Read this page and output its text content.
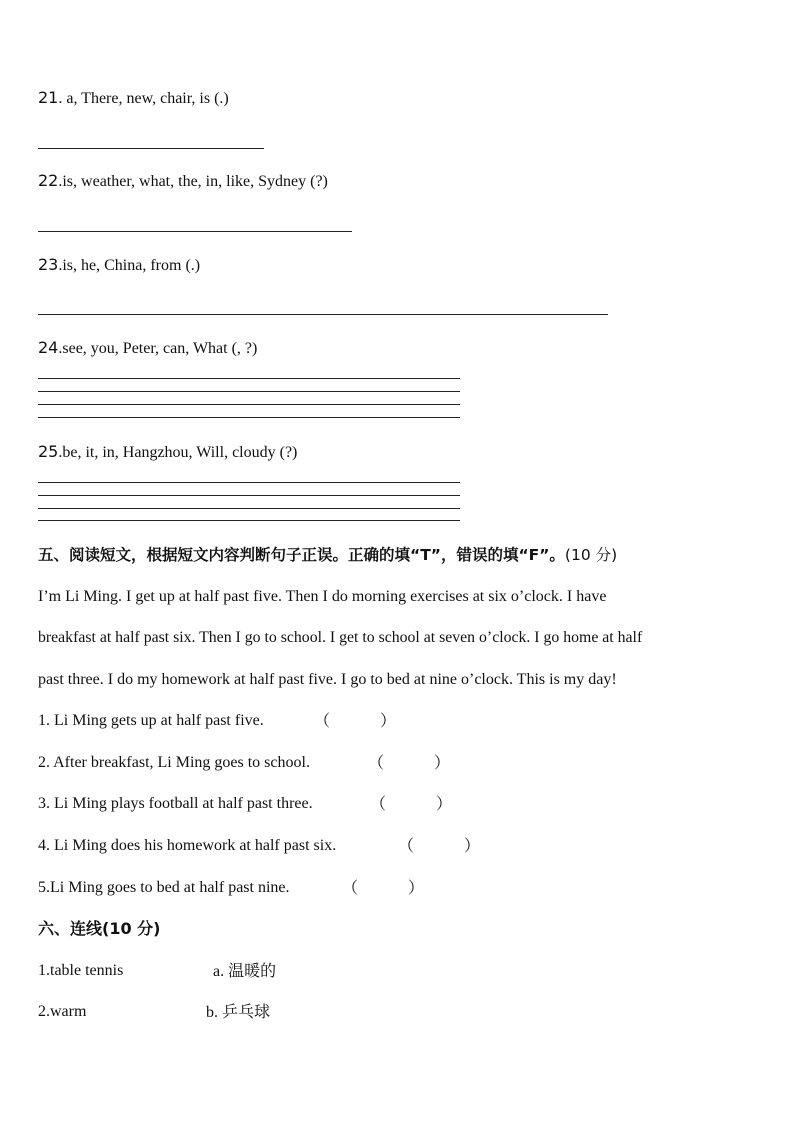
21. a, There, new, chair, is (.)
22.is, weather, what, the, in, like, Sydney (?)
23.is, he, China, from (.)
24.see, you, Peter, can, What (, ?)
25.be, it, in, Hangzhou, Will, cloudy (?)
五、阅读短文，根据短文内容判断句子正误。正确的填“T”，错误的填“F”。(10 分)
I’m Li Ming. I get up at half past five. Then I do morning exercises at six o’clock. I have
breakfast at half past six. Then I go to school. I get to school at seven o’clock. I go home at half
past three. I do my homework at half past five. I go to bed at nine o’clock. This is my day!
1. Li Ming gets up at half past five.	（	）
2. After breakfast, Li Ming goes to school.	（	）
3. Li Ming plays football at half past three.	（	）
4. Li Ming does his homework at half past six.	（	）
5.Li Ming goes to bed at half past nine.	（	）
六、连线(10 分)
1.table tennis	a. 温暖的
2.warm	b. 乒乓球
